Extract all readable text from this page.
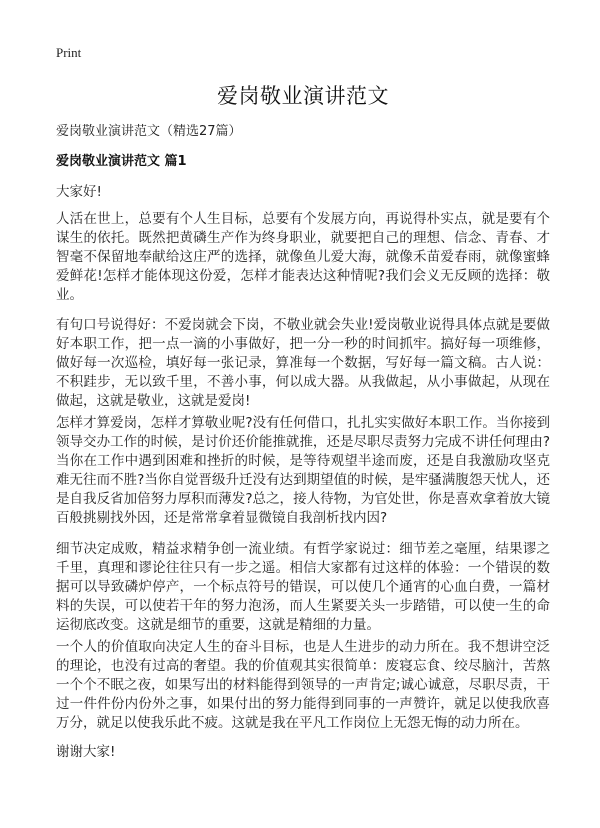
Print
爱岗敬业演讲范文
爱岗敬业演讲范文（精选27篇）
爱岗敬业演讲范文 篇1
大家好!

人活在世上，总要有个人生目标，总要有个发展方向，再说得朴实点，就是要有个谋生的依托。既然把黄磷生产作为终身职业，就要把自己的理想、信念、青春、才智毫不保留地奉献给这庄严的选择，就像鱼儿爱大海，就像禾苗爱春雨，就像蜜蜂爱鲜花!怎样才能体现这份爱，怎样才能表达这种情呢?我们会义无反顾的选择：敬业。

有句口号说得好：不爱岗就会下岗，不敬业就会失业!爱岗敬业说得具体点就是要做好本职工作，把一点一滴的小事做好，把一分一秒的时间抓牢。搞好每一项维修，做好每一次巡检，填好每一张记录，算准每一个数据，写好每一篇文稿。古人说：不积跬步，无以致千里，不善小事，何以成大器。从我做起，从小事做起，从现在做起，这就是敬业，这就是爱岗!

怎样才算爱岗，怎样才算敬业呢?没有任何借口，扎扎实实做好本职工作。当你接到领导交办工作的时候，是讨价还价能推就推，还是尽职尽责努力完成不讲任何理由?当你在工作中遇到困难和挫折的时候，是等待观望半途而废，还是自我激励攻坚克难无往而不胜?当你自觉晋级升迁没有达到期望值的时候，是牢骚满腹怨天忧人，还是自我反省加倍努力厚积而薄发?总之，接人待物，为官处世，你是喜欢拿着放大镜百般挑剔找外因，还是常常拿着显微镜自我剖析找内因?

细节决定成败，精益求精争创一流业绩。有哲学家说过：细节差之毫厘，结果谬之千里，真理和谬论往往只有一步之遥。相信大家都有过这样的体验：一个错误的数据可以导致磷炉停产，一个标点符号的错误，可以使几个通宵的心血白费，一篇材料的失误，可以使若干年的努力泡汤，而人生紧要关头一步踏错，可以使一生的命运彻底改变。这就是细节的重要，这就是精细的力量。

一个人的价值取向决定人生的奋斗目标，也是人生进步的动力所在。我不想讲空泛的理论，也没有过高的奢望。我的价值观其实很简单：废寝忘食、绞尽脑汁，苦熬一个个不眠之夜，如果写出的材料能得到领导的一声肯定;诚心诚意，尽职尽责，干过一件件份内份外之事，如果付出的努力能得到同事的一声赞许，就足以使我欣喜万分，就足以使我乐此不疲。这就是我在平凡工作岗位上无怨无悔的动力所在。

谢谢大家!
